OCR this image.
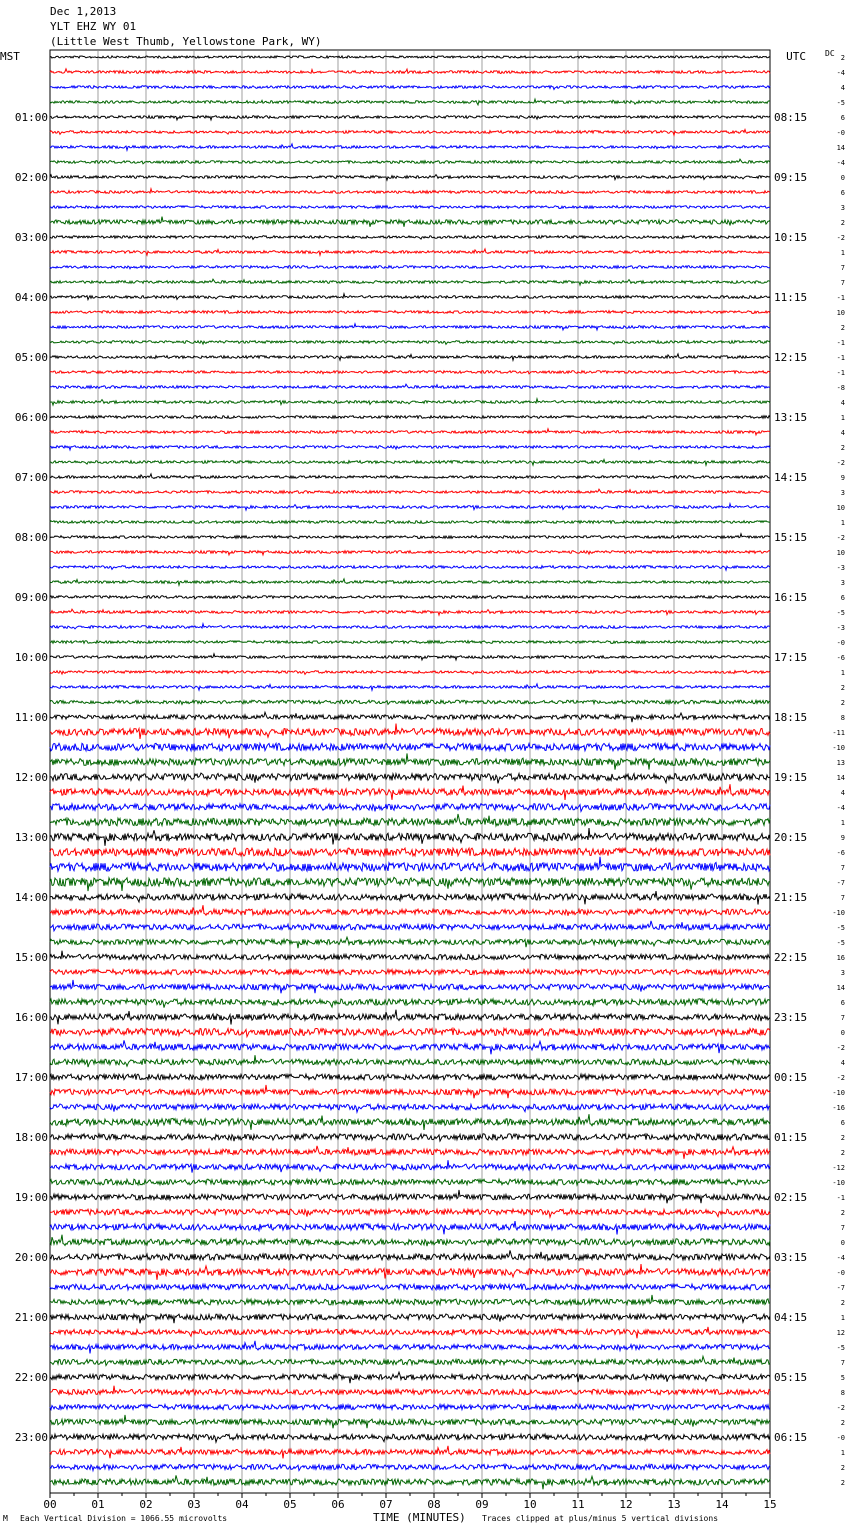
Dec 1,2013
YLT EHZ WY 01
(Little West Thumb, Yellowstone Park, WY)
MST	UTC DC
01:00	08:15
02:00	09:15
03:00	10:15
04:00	11:15
05:00	12:15
06:00	13:15
07:00	14:15
08:00	15:15
09:00	16:15
10:00	17:15
11:00	18:15
12:00	19:15
13:00	20:15
14:00	21:15
15:00	22:15
16:00	23:15
17:00	00:15
18:00	01:15
19:00	02:15
20:00	03:15
21:00	04:15
22:00	05:15
23:00	06:15
2
-4
4
-5
6
-0
14
-4
0
6
3
2
-2
1
7
7
-1
10
2
-1
-1
-1
-8
4
1
4
2
-2
9
3
10
1
-2
10
-3
3
6
-5
-3
-0
-6
1
2
2
8
-11
-10
13
14
4
-4
1
9
-6
7
-7
7
-10
-5
-5
16
3
14
6
7
0
-2
4
-2
-10
-16
6
2
2
-12
-10
-1
2
7
0
-4
-0
-7
2
1
12
-5
7
5
8
-2
2
-0
1
2
2
00	01	02	03	04	05	06	07	08	09	10	11	12	13	14	15
TIME (MINUTES)
M Each Vertical Division = 1066.55 microvolts	Traces clipped at plus/minus 5 vertical divisions
